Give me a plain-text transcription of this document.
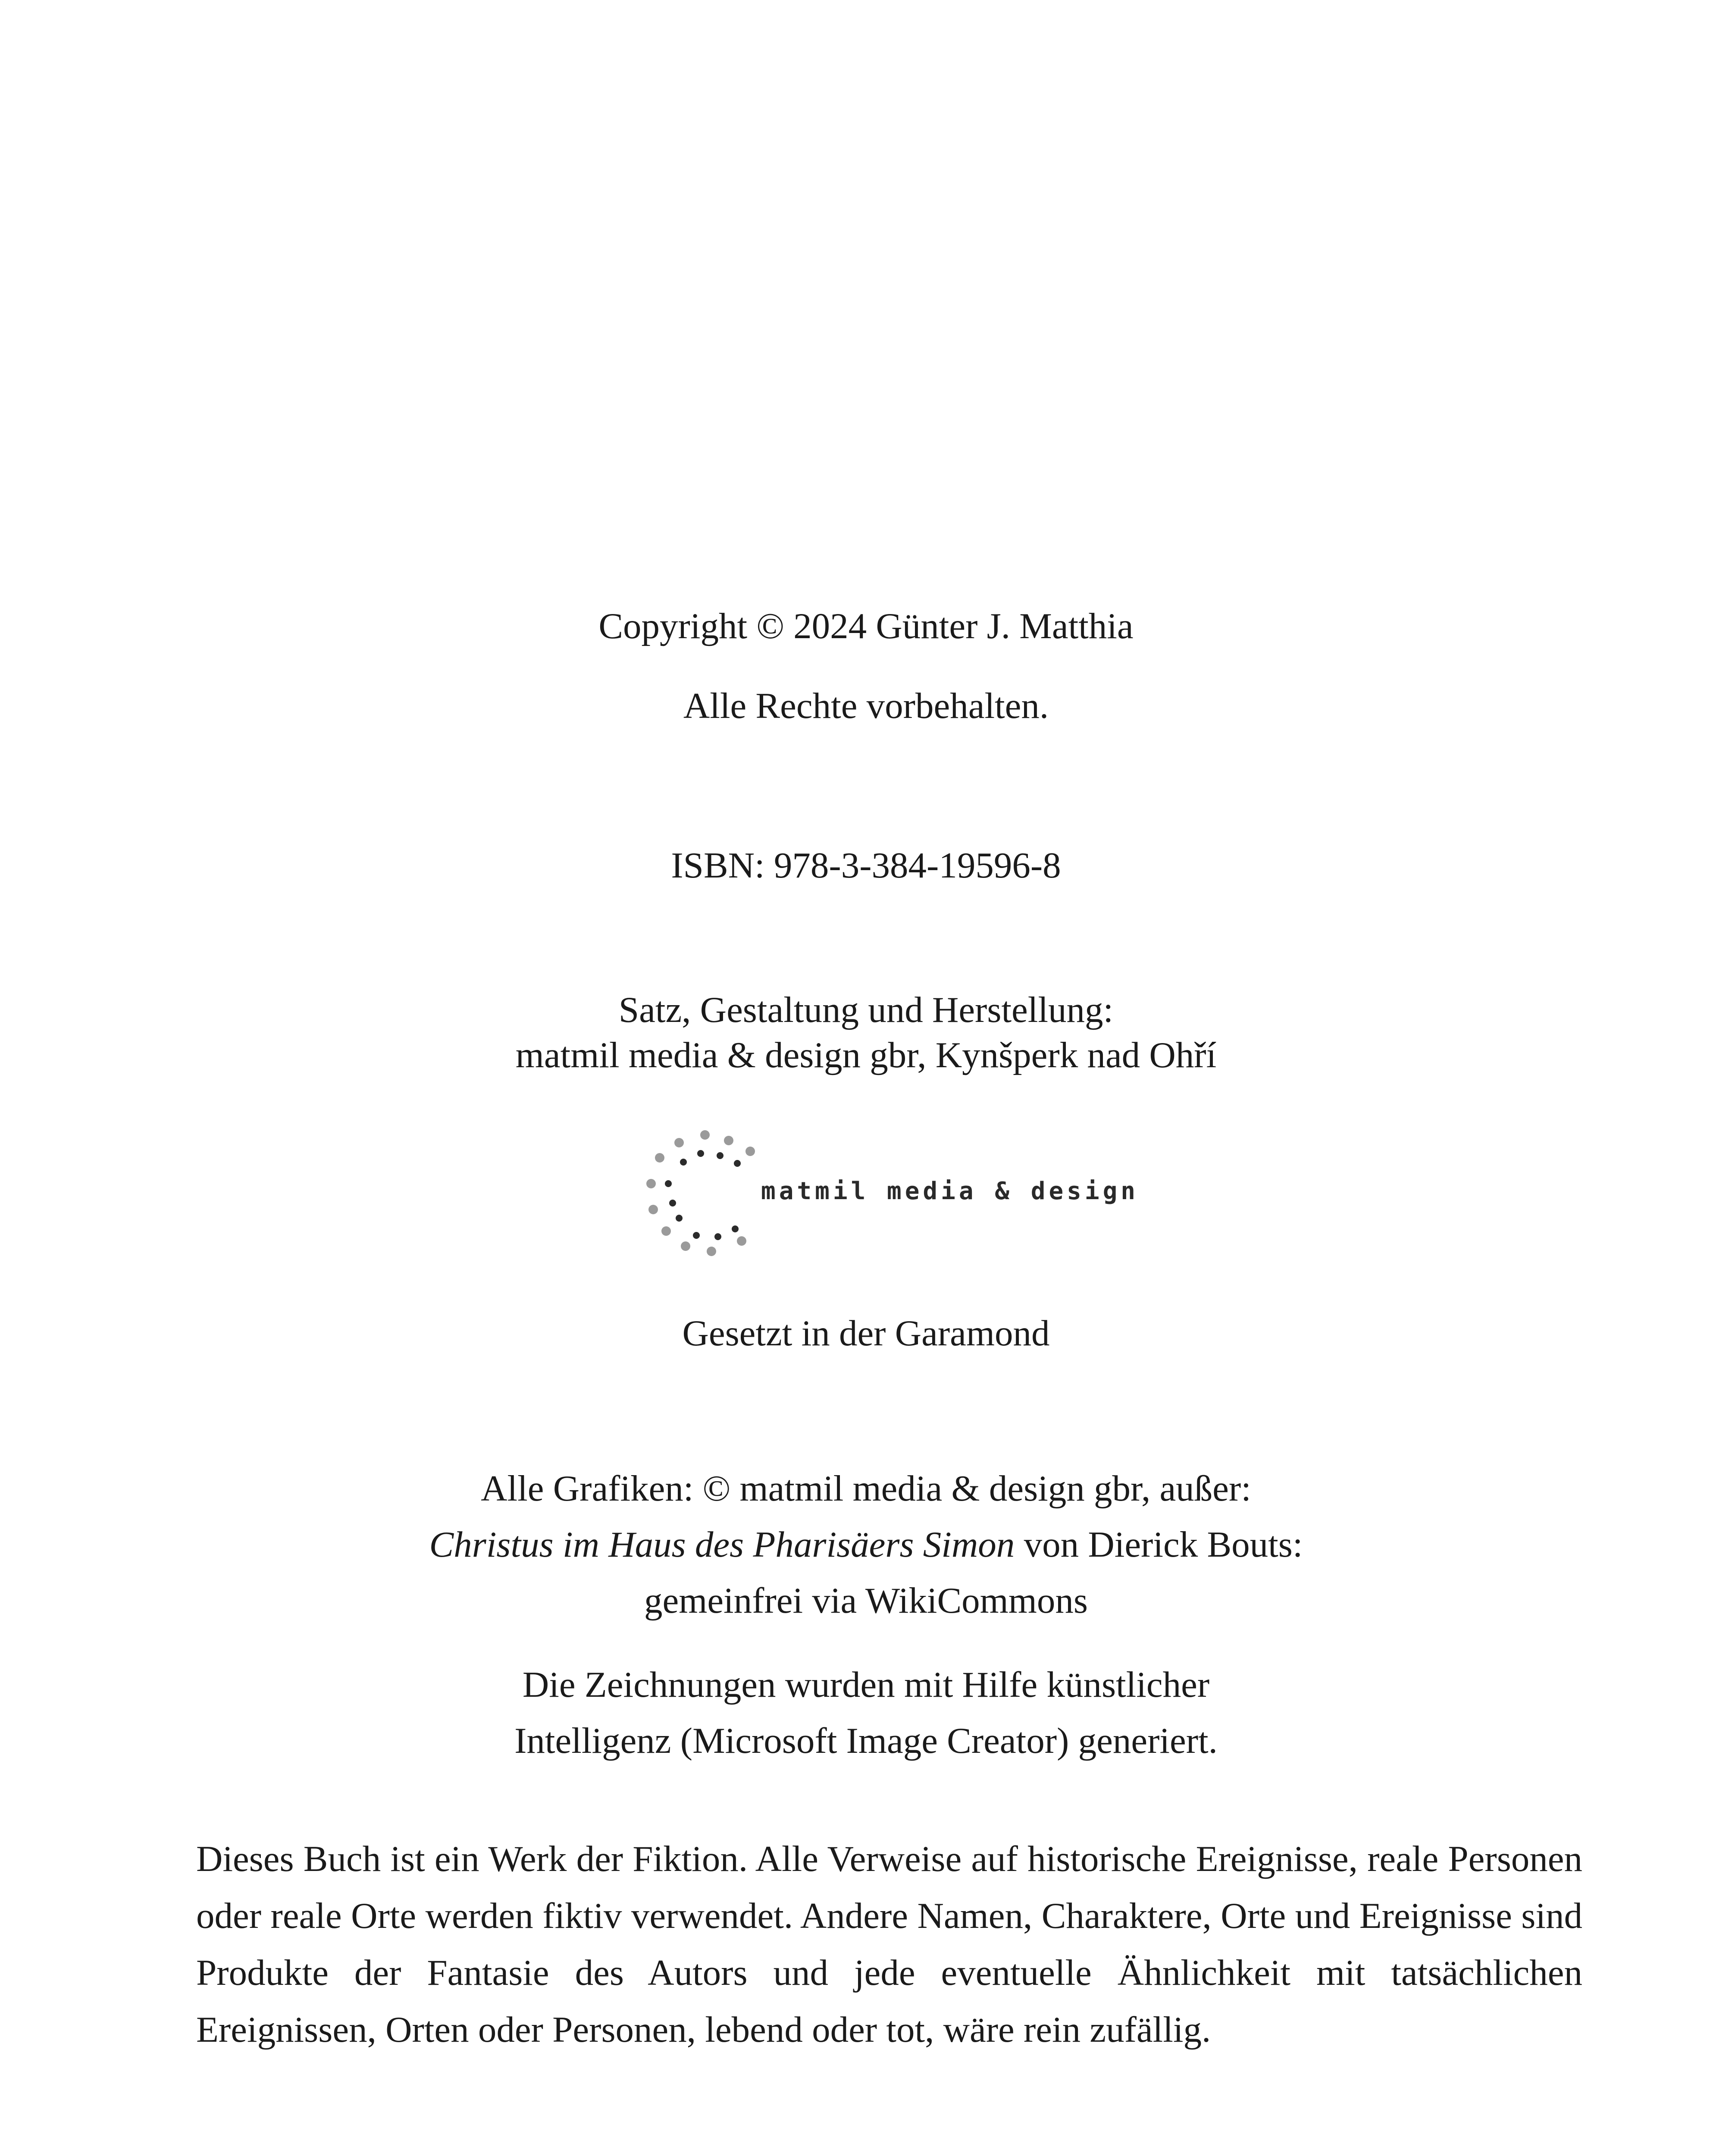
Copyright © 2024 Günter J. Matthia
Alle Rechte vorbehalten.
ISBN: 978-3-384-19596-8
Satz, Gestaltung und Herstellung:
matmil media & design gbr, Kynšperk nad Ohří
matmil media & design
Gesetzt in der Garamond
Alle Grafiken: © matmil media & design gbr, außer:
Christus im Haus des Pharisäers Simon von Dierick Bouts:
gemeinfrei via WikiCommons
Die Zeichnungen wurden mit Hilfe künstlicher
Intelligenz (Microsoft Image Creator) generiert.

Dieses Buch ist ein Werk der Fiktion. Alle Verweise auf historische Ereignisse, reale Personen oder reale Orte werden fiktiv verwendet. Andere Namen, Charaktere, Orte und Ereignisse sind Produkte der Fantasie des Autors und jede eventuelle Ähnlichkeit mit tatsächlichen Ereignissen, Orten oder Personen, lebend oder tot, wäre rein zufällig.
